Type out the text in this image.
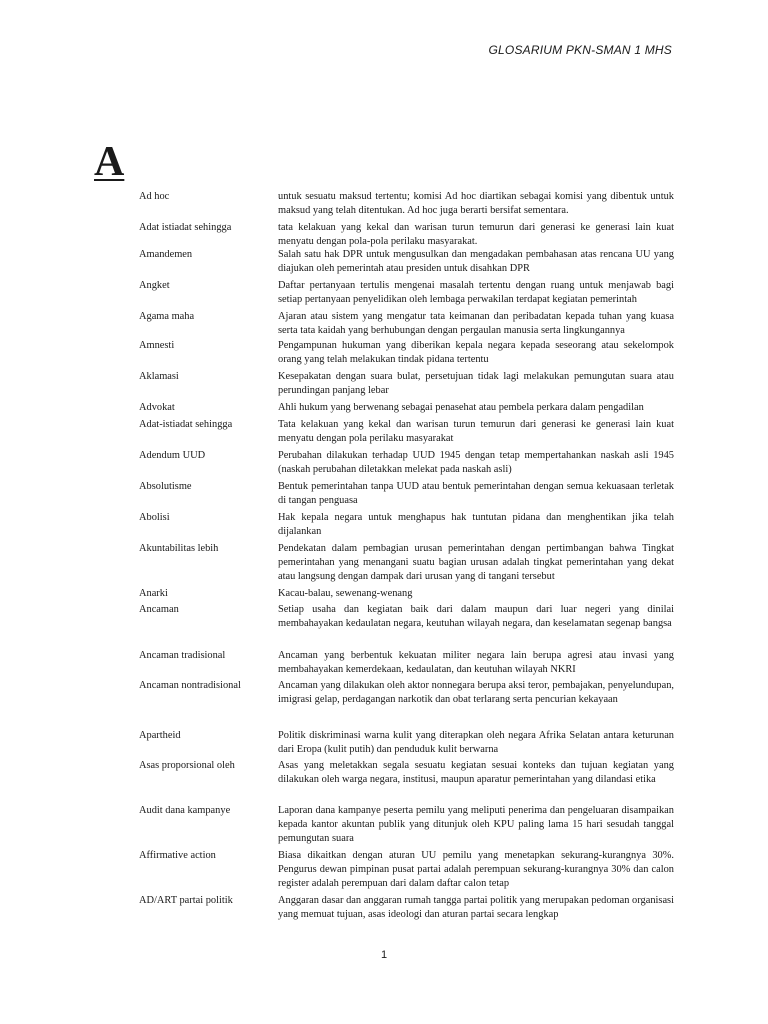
GLOSARIUM PKN-SMAN 1 MHS
A
Ad hoc	untuk sesuatu maksud tertentu; komisi Ad hoc diartikan sebagai komisi yang dibentuk untuk maksud yang telah ditentukan. Ad hoc juga berarti bersifat sementara.
Adat istiadat sehingga	tata kelakuan yang kekal dan warisan turun temurun dari generasi ke generasi lain kuat menyatu dengan pola-pola perilaku masyarakat.
Amandemen	Salah satu hak DPR untuk mengusulkan dan mengadakan pembahasan atas rencana UU yang diajukan oleh pemerintah atau presiden untuk disahkan DPR
Angket	Daftar pertanyaan tertulis mengenai masalah tertentu dengan ruang untuk menjawab bagi setiap pertanyaan penyelidikan oleh lembaga perwakilan terdapat kegiatan pemerintah
Agama maha	Ajaran atau sistem yang mengatur tata keimanan dan peribadatan kepada tuhan yang kuasa serta tata kaidah yang berhubungan dengan pergaulan manusia serta lingkungannya
Amnesti	Pengampunan hukuman yang diberikan kepala negara kepada seseorang atau sekelompok orang yang telah melakukan tindak pidana tertentu
Aklamasi	Kesepakatan dengan suara bulat, persetujuan tidak lagi melakukan pemungutan suara atau perundingan panjang lebar
Advokat	Ahli hukum yang berwenang sebagai penasehat atau pembela perkara dalam pengadilan
Adat-istiadat sehingga	Tata kelakuan yang kekal dan warisan turun temurun dari generasi ke generasi lain kuat menyatu dengan pola perilaku masyarakat
Adendum UUD	Perubahan dilakukan terhadap UUD 1945 dengan tetap mempertahankan naskah asli 1945 (naskah perubahan diletakkan melekat pada naskah asli)
Absolutisme	Bentuk pemerintahan tanpa UUD atau bentuk pemerintahan dengan semua kekuasaan terletak di tangan penguasa
Abolisi	Hak kepala negara untuk menghapus hak tuntutan pidana dan menghentikan jika telah dijalankan
Akuntabilitas lebih	Pendekatan dalam pembagian urusan pemerintahan dengan pertimbangan bahwa Tingkat pemerintahan yang menangani suatu bagian urusan adalah tingkat pemerintahan yang dekat atau langsung dengan dampak dari urusan yang di tangani tersebut
Anarki	Kacau-balau, sewenang-wenang
Ancaman	Setiap usaha dan kegiatan baik dari dalam maupun dari luar negeri yang dinilai membahayakan kedaulatan negara, keutuhan wilayah negara, dan keselamatan segenap bangsa
Ancaman tradisional	Ancaman yang berbentuk kekuatan militer negara lain berupa agresi atau invasi yang membahayakan kemerdekaan, kedaulatan, dan keutuhan wilayah NKRI
Ancaman nontradisional	Ancaman yang dilakukan oleh aktor nonnegara berupa aksi teror, pembajakan, penyelundupan, imigrasi gelap, perdagangan narkotik dan obat terlarang serta pencurian kekayaan
Apartheid	Politik diskriminasi warna kulit yang diterapkan oleh negara Afrika Selatan antara keturunan dari Eropa (kulit putih) dan penduduk kulit berwarna
Asas proporsional oleh	Asas yang meletakkan segala sesuatu kegiatan sesuai konteks dan tujuan kegiatan yang dilakukan oleh warga negara, institusi, maupun aparatur pemerintahan yang dilandasi etika
Audit dana kampanye	Laporan dana kampanye peserta pemilu yang meliputi penerima dan pengeluaran disampaikan kepada kantor akuntan publik yang ditunjuk oleh KPU paling lama 15 hari sesudah tanggal pemungutan suara
Affirmative action	Biasa dikaitkan dengan aturan UU pemilu yang menetapkan sekurang-kurangnya 30%. Pengurus dewan pimpinan pusat partai adalah perempuan sekurang-kurangnya 30% dan calon register adalah perempuan dari dalam daftar calon tetap
AD/ART partai politik	Anggaran dasar dan anggaran rumah tangga partai politik yang merupakan pedoman organisasi yang memuat tujuan, asas ideologi dan aturan partai secara lengkap
1
